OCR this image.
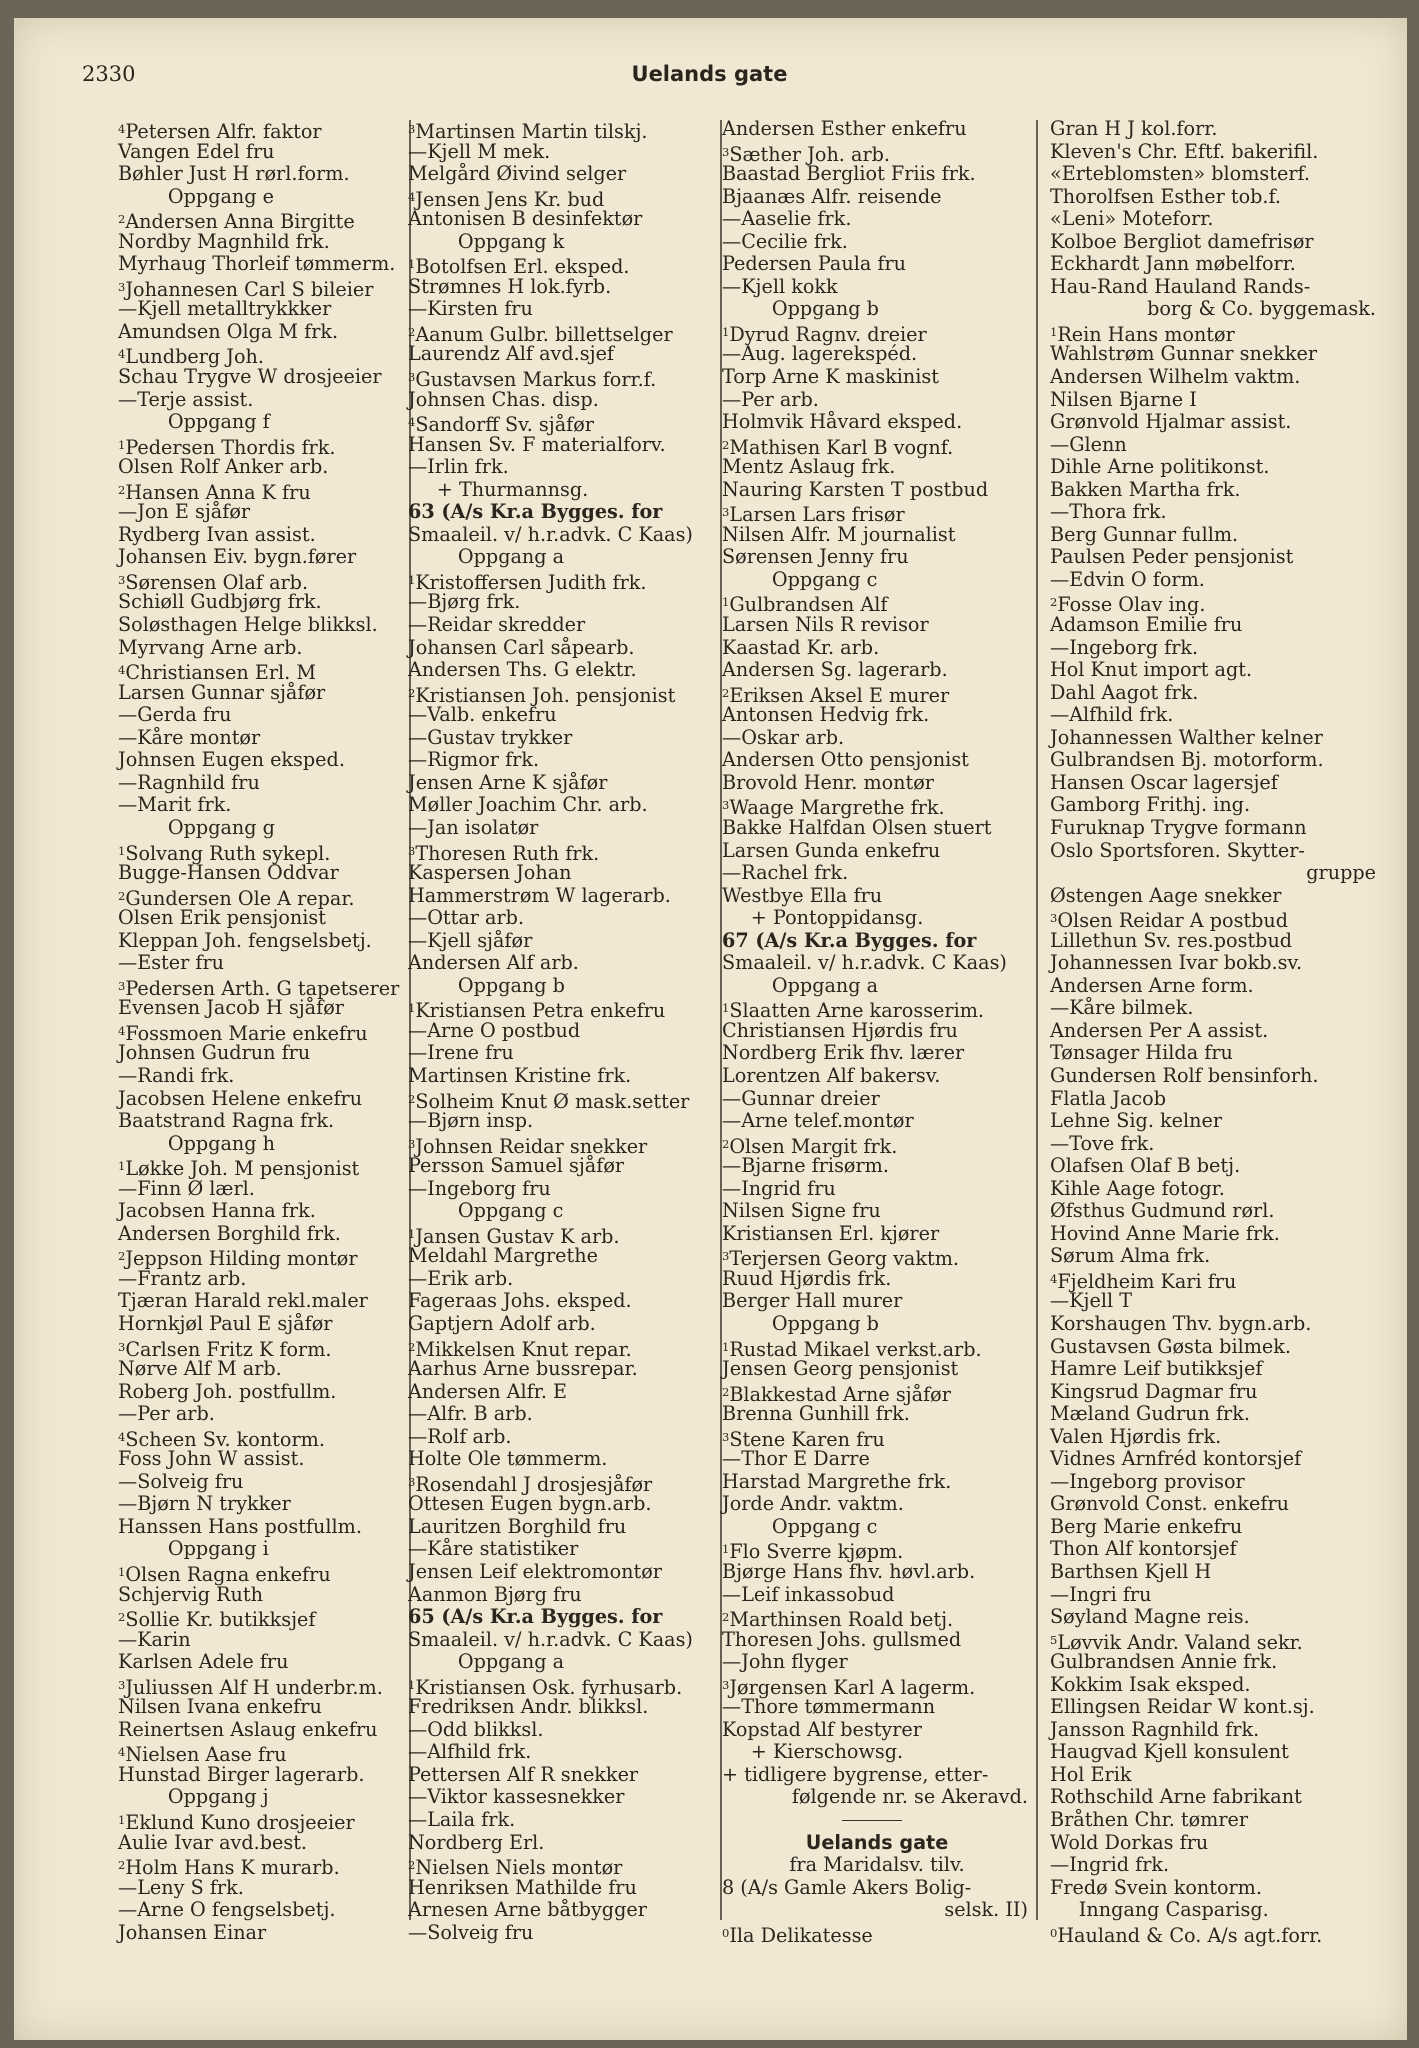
2330	Uelands gate
$^4$Petersen Alfr. faktor
Vangen Edel fru
Bøhler Just H rørl.form.
Oppgang e
$^2$Andersen Anna Birgitte
Nordby Magnhild frk.
Myrhaug Thorleif tømmerm.
$^3$Johannesen Carl S bileier
—Kjell metalltrykkker
Amundsen Olga M frk.
$^4$Lundberg Joh.
Schau Trygve W drosjeeier
—Terje assist.
Oppgang f
$^1$Pedersen Thordis frk.
Olsen Rolf Anker arb.
$^2$Hansen Anna K fru
—Jon E sjåfør
Rydberg Ivan assist.
Johansen Eiv. bygn.fører
$^3$Sørensen Olaf arb.
Schiøll Gudbjørg frk.
Soløsthagen Helge blikksl.
Myrvang Arne arb.
$^4$Christiansen Erl. M
Larsen Gunnar sjåfør
—Gerda fru
—Kåre montør
Johnsen Eugen eksped.
—Ragnhild fru
—Marit frk.
Oppgang g
$^1$Solvang Ruth sykepl.
Bugge-Hansen Oddvar
$^2$Gundersen Ole A repar.
Olsen Erik pensjonist
Kleppan Joh. fengselsbetj.
—Ester fru
$^3$Pedersen Arth. G tapetserer
Evensen Jacob H sjåfør
$^4$Fossmoen Marie enkefru
Johnsen Gudrun fru
—Randi frk.
Jacobsen Helene enkefru
Baatstrand Ragna frk.
Oppgang h
$^1$Løkke Joh. M pensjonist
—Finn Ø lærl.
Jacobsen Hanna frk.
Andersen Borghild frk.
$^2$Jeppson Hilding montør
—Frantz arb.
Tjæran Harald rekl.maler
Hornkjøl Paul E sjåfør
$^3$Carlsen Fritz K form.
Nørve Alf M arb.
Roberg Joh. postfullm.
—Per arb.
$^4$Scheen Sv. kontorm.
Foss John W assist.
—Solveig fru
—Bjørn N trykker
Hanssen Hans postfullm.
Oppgang i
$^1$Olsen Ragna enkefru
Schjervig Ruth
$^2$Sollie Kr. butikksjef
—Karin
Karlsen Adele fru
$^3$Juliussen Alf H underbr.m.
Nilsen Ivana enkefru
Reinertsen Aslaug enkefru
$^4$Nielsen Aase fru
Hunstad Birger lagerarb.
Oppgang j
$^1$Eklund Kuno drosjeeier
Aulie Ivar avd.best.
$^2$Holm Hans K murarb.
—Leny S frk.
—Arne O fengselsbetj.
Johansen Einar
$^3$Martinsen Martin tilskj.
—Kjell M mek.
Melgård Øivind selger
$^4$Jensen Jens Kr. bud
Antonisen B desinfektør
Oppgang k
$^1$Botolfsen Erl. eksped.
Strømnes H lok.fyrb.
—Kirsten fru
$^2$Aanum Gulbr. billettselger
Laurendz Alf avd.sjef
$^3$Gustavsen Markus forr.f.
Johnsen Chas. disp.
$^4$Sandorff Sv. sjåfør
Hansen Sv. F materialforv.
—Irlin frk.
+ Thurmannsg.
63 (A/s Kr.a Bygges. for
Smaaleil. v/ h.r.advk. C Kaas)
Oppgang a
$^1$Kristoffersen Judith frk.
—Bjørg frk.
—Reidar skredder
Johansen Carl såpearb.
Andersen Ths. G elektr.
$^2$Kristiansen Joh. pensjonist
—Valb. enkefru
—Gustav trykker
—Rigmor frk.
Jensen Arne K sjåfør
Møller Joachim Chr. arb.
—Jan isolatør
$^3$Thoresen Ruth frk.
Kaspersen Johan
Hammerstrøm W lagerarb.
—Ottar arb.
—Kjell sjåfør
Andersen Alf arb.
Oppgang b
$^1$Kristiansen Petra enkefru
—Arne O postbud
—Irene fru
Martinsen Kristine frk.
$^2$Solheim Knut Ø mask.setter
—Bjørn insp.
$^3$Johnsen Reidar snekker
Persson Samuel sjåfør
—Ingeborg fru
Oppgang c
$^1$Jansen Gustav K arb.
Meldahl Margrethe
—Erik arb.
Fageraas Johs. eksped.
Gaptjern Adolf arb.
$^2$Mikkelsen Knut repar.
Aarhus Arne bussrepar.
Andersen Alfr. E
—Alfr. B arb.
—Rolf arb.
Holte Ole tømmerm.
$^3$Rosendahl J drosjesjåfør
Ottesen Eugen bygn.arb.
Lauritzen Borghild fru
—Kåre statistiker
Jensen Leif elektromontør
Aanmon Bjørg fru
65 (A/s Kr.a Bygges. for
Smaaleil. v/ h.r.advk. C Kaas)
Oppgang a
$^1$Kristiansen Osk. fyrhusarb.
Fredriksen Andr. blikksl.
—Odd blikksl.
—Alfhild frk.
Pettersen Alf R snekker
—Viktor kassesnekker
—Laila frk.
Nordberg Erl.
$^2$Nielsen Niels montør
Henriksen Mathilde fru
Arnesen Arne båtbygger
—Solveig fru
Andersen Esther enkefru
$^3$Sæther Joh. arb.
Baastad Bergliot Friis frk.
Bjaanæs Alfr. reisende
—Aaselie frk.
—Cecilie frk.
Pedersen Paula fru
—Kjell kokk
Oppgang b
$^1$Dyrud Ragnv. dreier
—Aug. lagerekspéd.
Torp Arne K maskinist
—Per arb.
Holmvik Håvard eksped.
$^2$Mathisen Karl B vognf.
Mentz Aslaug frk.
Nauring Karsten T postbud
$^3$Larsen Lars frisør
Nilsen Alfr. M journalist
Sørensen Jenny fru
Oppgang c
$^1$Gulbrandsen Alf
Larsen Nils R revisor
Kaastad Kr. arb.
Andersen Sg. lagerarb.
$^2$Eriksen Aksel E murer
Antonsen Hedvig frk.
—Oskar arb.
Andersen Otto pensjonist
Brovold Henr. montør
$^3$Waage Margrethe frk.
Bakke Halfdan Olsen stuert
Larsen Gunda enkefru
—Rachel frk.
Westbye Ella fru
+ Pontoppidansg.
67 (A/s Kr.a Bygges. for
Smaaleil. v/ h.r.advk. C Kaas)
Oppgang a
$^1$Slaatten Arne karosserim.
Christiansen Hjørdis fru
Nordberg Erik fhv. lærer
Lorentzen Alf bakersv.
—Gunnar dreier
—Arne telef.montør
$^2$Olsen Margit frk.
—Bjarne frisørm.
—Ingrid fru
Nilsen Signe fru
Kristiansen Erl. kjører
$^3$Terjersen Georg vaktm.
Ruud Hjørdis frk.
Berger Hall murer
Oppgang b
$^1$Rustad Mikael verkst.arb.
Jensen Georg pensjonist
$^2$Blakkestad Arne sjåfør
Brenna Gunhill frk.
$^3$Stene Karen fru
—Thor E Darre
Harstad Margrethe frk.
Jorde Andr. vaktm.
Oppgang c
$^1$Flo Sverre kjøpm.
Bjørge Hans fhv. høvl.arb.
—Leif inkassobud
$^2$Marthinsen Roald betj.
Thoresen Johs. gullsmed
—John flyger
$^3$Jørgensen Karl A lagerm.
—Thore tømmermann
Kopstad Alf bestyrer
+ Kierschowsg.
+ tidligere bygrense, etter-
følgende nr. se Akeravd.
Uelands gate
fra Maridalsv. tilv.
8 (A/s Gamle Akers Bolig-
selsk. II)
$^0$Ila Delikatesse
Gran H J kol.forr.
Kleven's Chr. Eftf. bakerifil.
«Erteblomsten» blomsterf.
Thorolfsen Esther tob.f.
«Leni» Moteforr.
Kolboe Bergliot damefrisør
Eckhardt Jann møbelforr.
Hau-Rand Hauland Rands-
borg & Co. byggemask.
$^1$Rein Hans montør
Wahlstrøm Gunnar snekker
Andersen Wilhelm vaktm.
Nilsen Bjarne I
Grønvold Hjalmar assist.
—Glenn
Dihle Arne politikonst.
Bakken Martha frk.
—Thora frk.
Berg Gunnar fullm.
Paulsen Peder pensjonist
—Edvin O form.
$^2$Fosse Olav ing.
Adamson Emilie fru
—Ingeborg frk.
Hol Knut import agt.
Dahl Aagot frk.
—Alfhild frk.
Johannessen Walther kelner
Gulbrandsen Bj. motorform.
Hansen Oscar lagersjef
Gamborg Frithj. ing.
Furuknap Trygve formann
Oslo Sportsforen. Skytter-
gruppe
Østengen Aage snekker
$^3$Olsen Reidar A postbud
Lillethun Sv. res.postbud
Johannessen Ivar bokb.sv.
Andersen Arne form.
—Kåre bilmek.
Andersen Per A assist.
Tønsager Hilda fru
Gundersen Rolf bensinforh.
Flatla Jacob
Lehne Sig. kelner
—Tove frk.
Olafsen Olaf B betj.
Kihle Aage fotogr.
Øfsthus Gudmund rørl.
Hovind Anne Marie frk.
Sørum Alma frk.
$^4$Fjeldheim Kari fru
—Kjell T
Korshaugen Thv. bygn.arb.
Gustavsen Gøsta bilmek.
Hamre Leif butikksjef
Kingsrud Dagmar fru
Mæland Gudrun frk.
Valen Hjørdis frk.
Vidnes Arnfréd kontorsjef
—Ingeborg provisor
Grønvold Const. enkefru
Berg Marie enkefru
Thon Alf kontorsjef
Barthsen Kjell H
—Ingri fru
Søyland Magne reis.
$^5$Løvvik Andr. Valand sekr.
Gulbrandsen Annie frk.
Kokkim Isak eksped.
Ellingsen Reidar W kont.sj.
Jansson Ragnhild frk.
Haugvad Kjell konsulent
Hol Erik
Rothschild Arne fabrikant
Bråthen Chr. tømrer
Wold Dorkas fru
—Ingrid frk.
Fredø Svein kontorm.
Inngang Casparisg.
$^0$Hauland & Co. A/s agt.forr.
